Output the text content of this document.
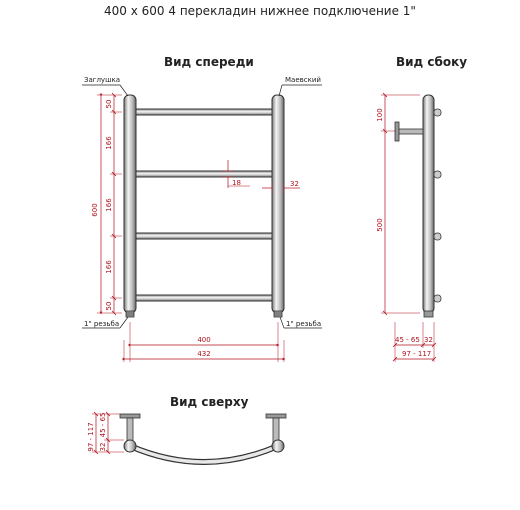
400 x 600 4 перекладин нижнее подключение 1"
Вид спереди	Вид сбоку
Вид сверху
Заглушка	Маевский
1" резьба	1" резьба
600
50
166
166
166
50
18	32
400
432
100
500
45 - 65 32
97 - 117
97 - 117 32
45 - 65
